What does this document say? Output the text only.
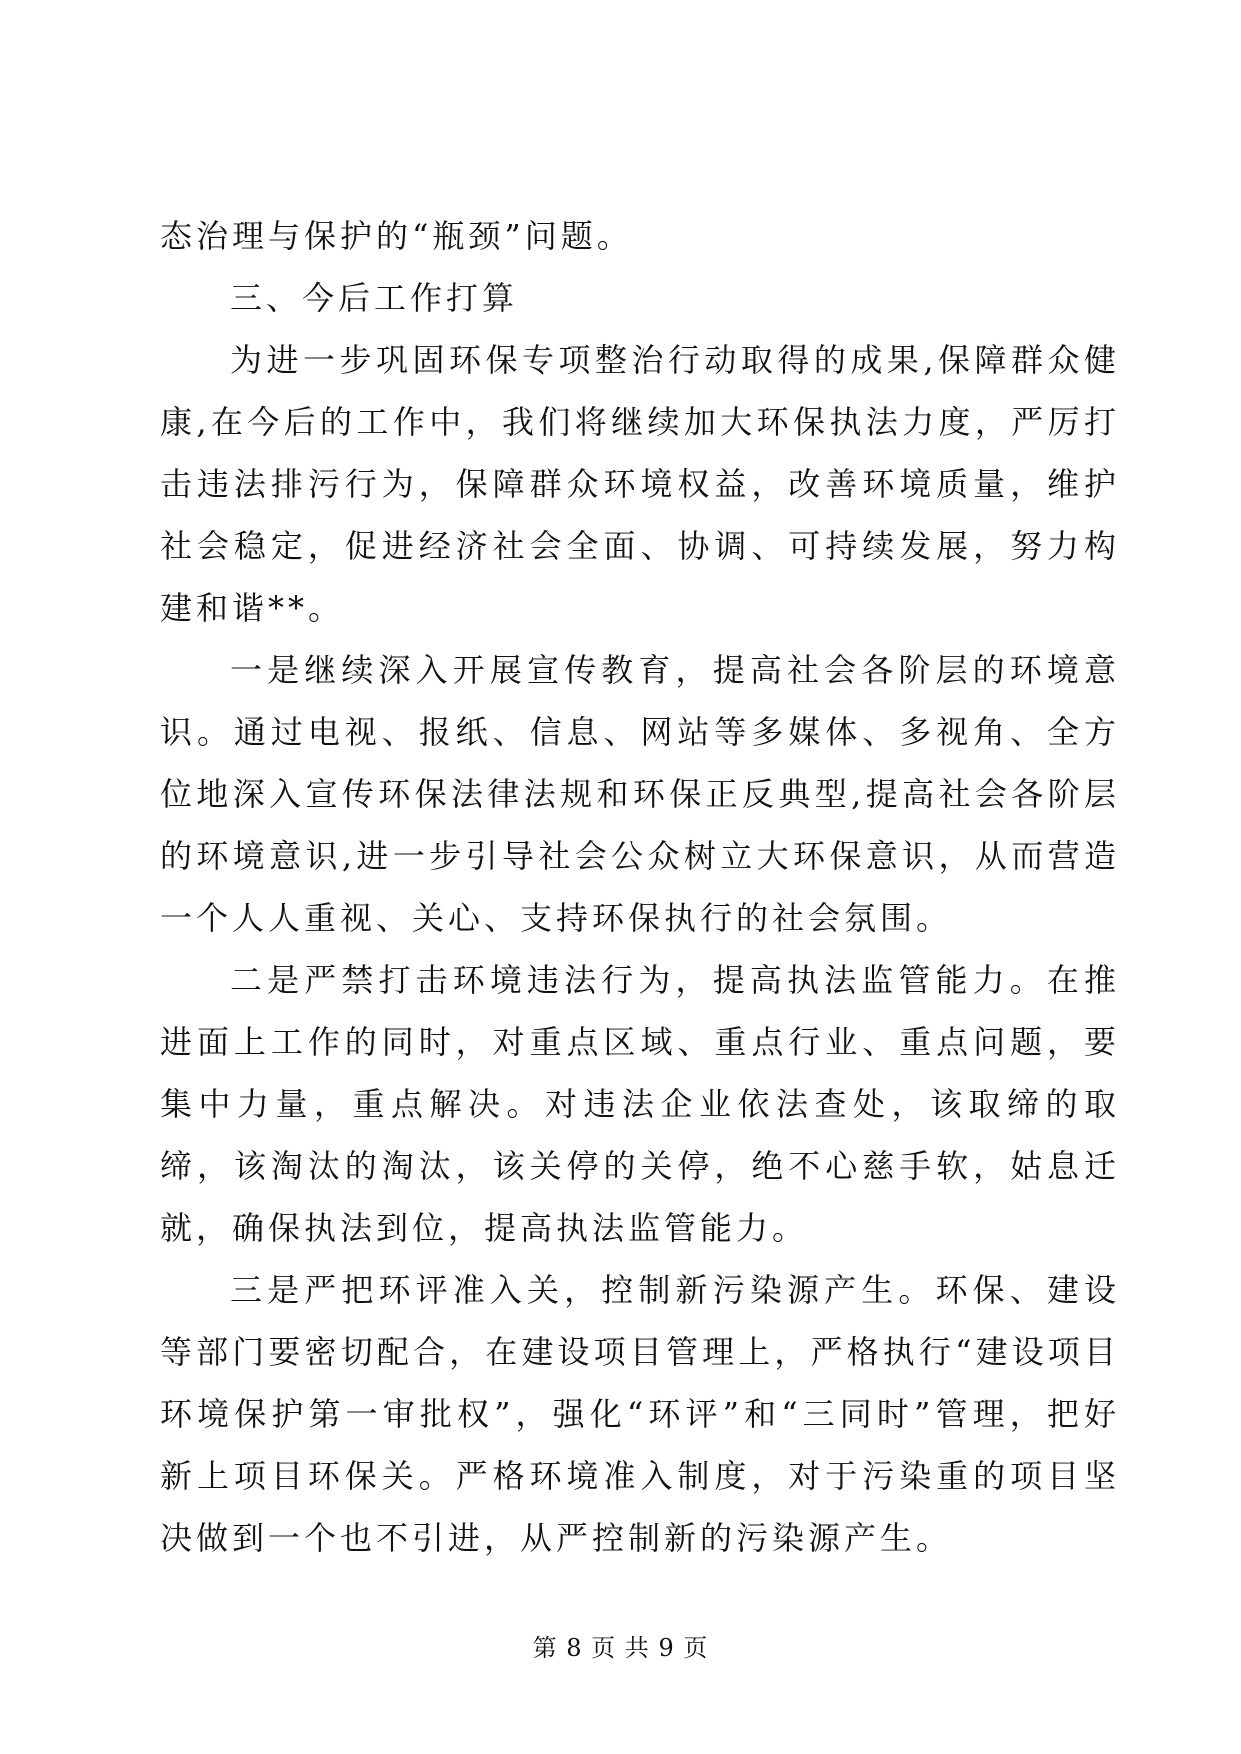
态治理与保护的“瓶颈”问题。

三、今后工作打算

为进一步巩固环保专项整治行动取得的成果,保障群众健康,在今后的工作中，我们将继续加大环保执法力度，严厉打击违法排污行为，保障群众环境权益，改善环境质量，维护社会稳定，促进经济社会全面、协调、可持续发展，努力构建和谐**。

一是继续深入开展宣传教育，提高社会各阶层的环境意识。通过电视、报纸、信息、网站等多媒体、多视角、全方位地深入宣传环保法律法规和环保正反典型,提高社会各阶层的环境意识,进一步引导社会公众树立大环保意识，从而营造一个人人重视、关心、支持环保执行的社会氛围。

二是严禁打击环境违法行为，提高执法监管能力。在推进面上工作的同时，对重点区域、重点行业、重点问题，要集中力量，重点解决。对违法企业依法查处，该取缔的取缔，该淘汰的淘汰，该关停的关停，绝不心慈手软，姑息迁就，确保执法到位，提高执法监管能力。

三是严把环评准入关，控制新污染源产生。环保、建设等部门要密切配合，在建设项目管理上，严格执行“建设项目环境保护第一审批权”，强化“环评”和“三同时”管理，把好新上项目环保关。严格环境准入制度，对于污染重的项目坚决做到一个也不引进，从严控制新的污染源产生。

第 8 页 共 9 页
